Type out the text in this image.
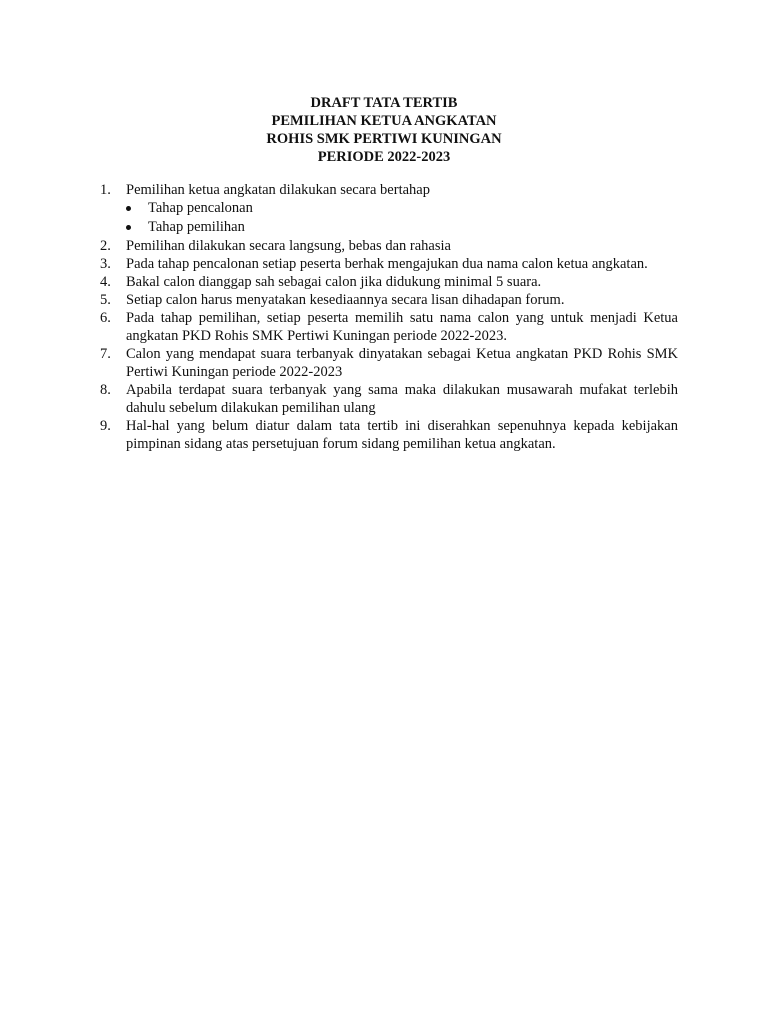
DRAFT TATA TERTIB
PEMILIHAN KETUA ANGKATAN
ROHIS SMK PERTIWI KUNINGAN
PERIODE 2022-2023
1. Pemilihan ketua angkatan dilakukan secara bertahap
Tahap pencalonan
Tahap pemilihan
2. Pemilihan dilakukan secara langsung, bebas dan rahasia
3. Pada tahap pencalonan setiap peserta berhak mengajukan dua nama calon ketua angkatan.
4. Bakal calon dianggap sah sebagai calon jika didukung minimal 5 suara.
5. Setiap calon harus menyatakan kesediaannya secara lisan dihadapan forum.
6. Pada tahap pemilihan, setiap peserta memilih satu nama calon yang untuk menjadi Ketua angkatan PKD Rohis SMK Pertiwi Kuningan periode 2022-2023.
7. Calon yang mendapat suara terbanyak dinyatakan sebagai Ketua angkatan PKD Rohis SMK Pertiwi Kuningan periode 2022-2023
8. Apabila terdapat suara terbanyak yang sama maka dilakukan musawarah mufakat terlebih dahulu sebelum dilakukan pemilihan ulang
9. Hal-hal yang belum diatur dalam tata tertib ini diserahkan sepenuhnya kepada kebijakan pimpinan sidang atas persetujuan forum sidang pemilihan ketua angkatan.
